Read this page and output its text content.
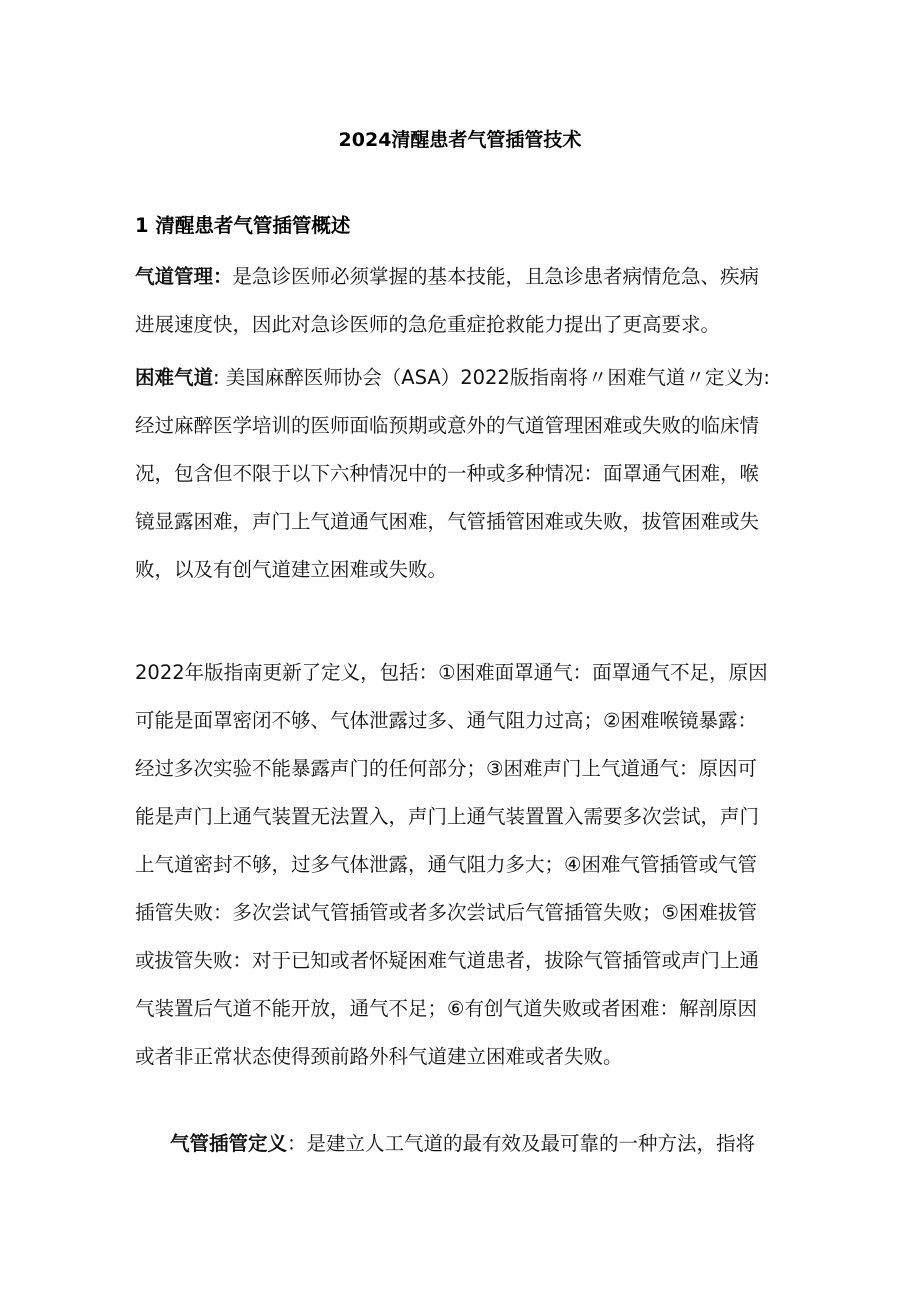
2024清醒患者气管插管技术
1 清醒患者气管插管概述
气道管理：是急诊医师必须掌握的基本技能，且急诊患者病情危急、疾病
进展速度快，因此对急诊医师的急危重症抢救能力提出了更高要求。
困难气道: 美国麻醉医师协会（ASA）2022版指南将〃困难气道〃定义为:
经过麻醉医学培训的医师面临预期或意外的气道管理困难或失败的临床情
况，包含但不限于以下六种情况中的一种或多种情况：面罩通气困难，喉
镜显露困难，声门上气道通气困难，气管插管困难或失败，拔管困难或失
败，以及有创气道建立困难或失败。
2022年版指南更新了定义，包括：①困难面罩通气：面罩通气不足，原因
可能是面罩密闭不够、气体泄露过多、通气阻力过高；②困难喉镜暴露：
经过多次实验不能暴露声门的任何部分；③困难声门上气道通气：原因可
能是声门上通气装置无法置入，声门上通气装置置入需要多次尝试，声门
上气道密封不够，过多气体泄露，通气阻力多大；④困难气管插管或气管
插管失败：多次尝试气管插管或者多次尝试后气管插管失败；⑤困难拔管
或拔管失败：对于已知或者怀疑困难气道患者，拔除气管插管或声门上通
气装置后气道不能开放，通气不足；⑥有创气道失败或者困难：解剖原因
或者非正常状态使得颈前路外科气道建立困难或者失败。
气管插管定义：是建立人工气道的最有效及最可靠的一种方法，指将
